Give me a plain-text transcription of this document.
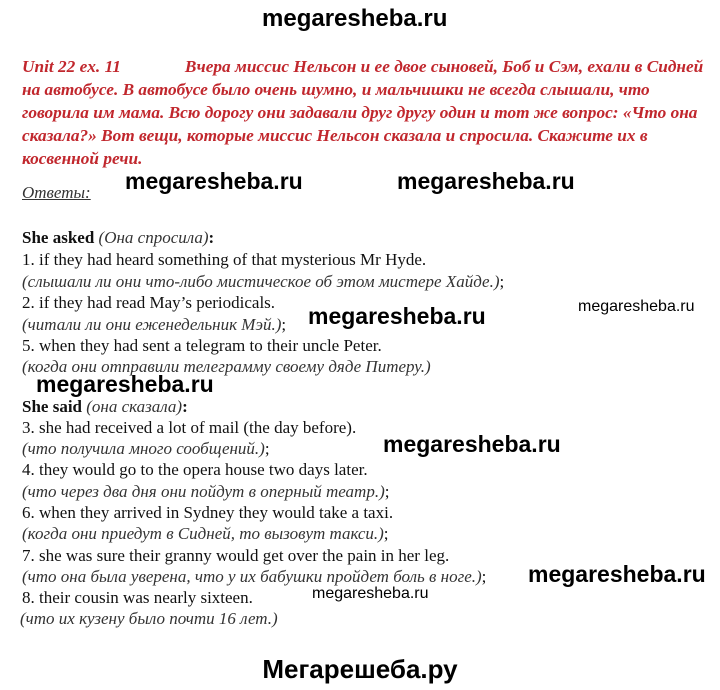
megaresheba.ru

Unit 22 ex. 11	Вчера миссис Нельсон и ее двое сыновей, Боб и Сэм, ехали в Сидней на автобусе. В автобусе было очень шумно, и мальчишки не всегда слышали, что говорила им мама. Всю дорогу они задавали друг другу один и тот же вопрос: «Что она сказала?» Вот вещи, которые миссис Нельсон сказала и спросила. Скажите их в косвенной речи.

Ответы: megaresheba.ru	megaresheba.ru
She asked (Она спросила):
1. if they had heard something of that mysterious Mr Hyde.
(слышали ли они что-либо мистическое об этом мистере Хайде.);
2. if they had read May’s periodicals.
(читали ли они еженедельник Мэй.); megaresheba.ru	megaresheba.ru
5. when they had sent a telegram to their uncle Peter.
(когда они отправили телеграмму своему дяде Питеру.)
megaresheba.ru
She said (она сказала):
3. she had received a lot of mail (the day before).
(что получила много сообщений.);	megaresheba.ru
4. they would go to the opera house two days later.
(что через два дня они пойдут в оперный театр.);
6. when they arrived in Sydney they would take a taxi.
(когда они приедут в Сидней, то вызовут такси.);
7. she was sure their granny would get over the pain in her leg.
(что она была уверена, что у их бабушки пройдет боль в ноге.); megaresheba.ru
8. their cousin was nearly sixteen.	megaresheba.ru
(что их кузену было почти 16 лет.)
Мегарешеба.ру
